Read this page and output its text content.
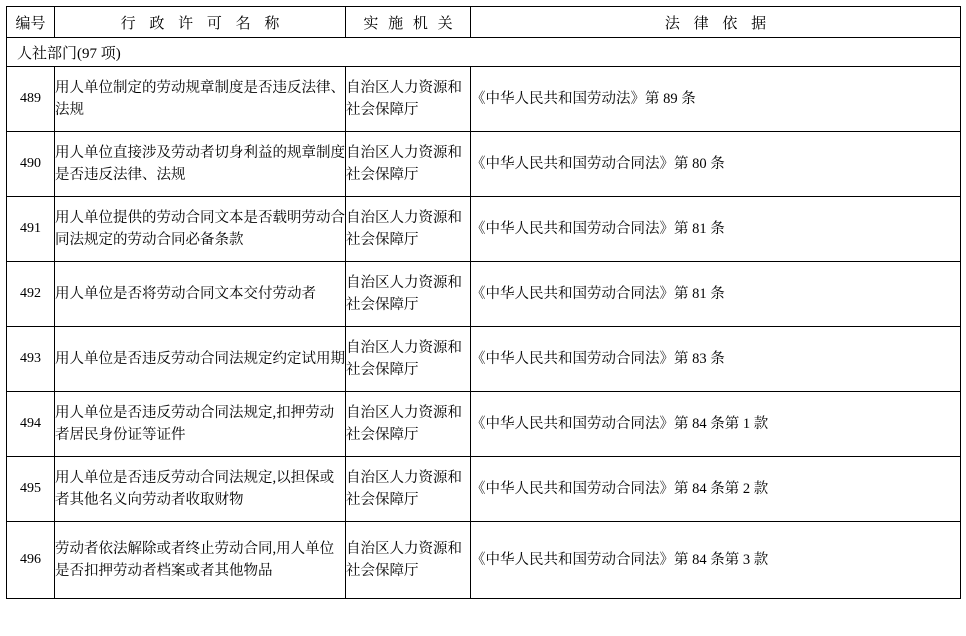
编号	行 政 许 可 名 称	实 施 机 关	法 律 依 据
人社部门(97 项)			
489	用人单位制定的劳动规章制度是否违反法律、法规	自治区人力资源和社会保障厅	《中华人民共和国劳动法》第 89 条
490	用人单位直接涉及劳动者切身利益的规章制度是否违反法律、法规	自治区人力资源和社会保障厅	《中华人民共和国劳动合同法》第 80 条
491	用人单位提供的劳动合同文本是否载明劳动合同法规定的劳动合同必备条款	自治区人力资源和社会保障厅	《中华人民共和国劳动合同法》第 81 条
492	用人单位是否将劳动合同文本交付劳动者	自治区人力资源和社会保障厅	《中华人民共和国劳动合同法》第 81 条
493	用人单位是否违反劳动合同法规定约定试用期	自治区人力资源和社会保障厅	《中华人民共和国劳动合同法》第 83 条
494	用人单位是否违反劳动合同法规定,扣押劳动者居民身份证等证件	自治区人力资源和社会保障厅	《中华人民共和国劳动合同法》第 84 条第 1 款
495	用人单位是否违反劳动合同法规定,以担保或者其他名义向劳动者收取财物	自治区人力资源和社会保障厅	《中华人民共和国劳动合同法》第 84 条第 2 款
496	劳动者依法解除或者终止劳动合同,用人单位是否扣押劳动者档案或者其他物品	自治区人力资源和社会保障厅	《中华人民共和国劳动合同法》第 84 条第 3 款
